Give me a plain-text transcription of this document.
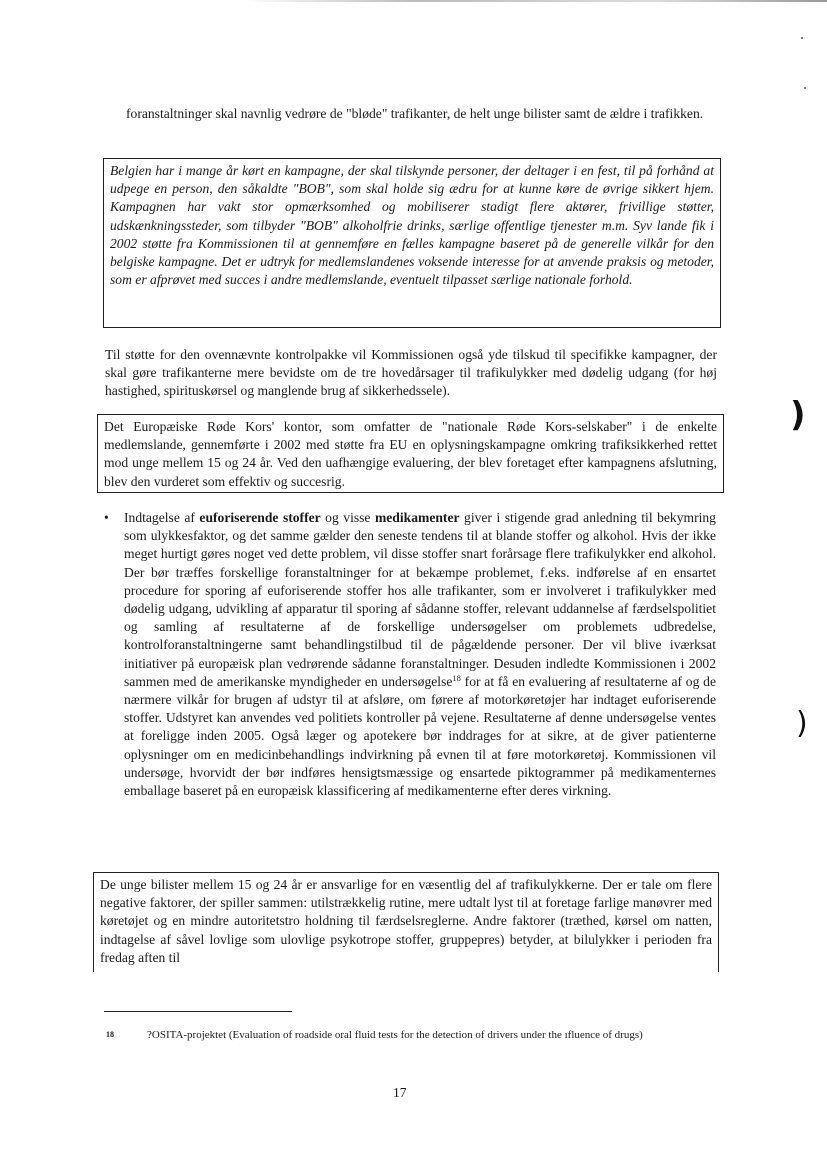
foranstaltninger skal navnlig vedrøre de "bløde" trafikanter, de helt unge bilister samt de ældre i trafikken.

Belgien har i mange år kørt en kampagne, der skal tilskynde personer, der deltager i en fest, til på forhånd at udpege en person, den såkaldte "BOB", som skal holde sig ædru for at kunne køre de øvrige sikkert hjem. Kampagnen har vakt stor opmærksomhed og mobiliserer stadigt flere aktører, frivillige støtter, udskænkningssteder, som tilbyder "BOB" alkoholfrie drinks, særlige offentlige tjenester m.m. Syv lande fik i 2002 støtte fra Kommissionen til at gennemføre en fælles kampagne baseret på de generelle vilkår for den belgiske kampagne. Det er udtryk for medlemslandenes voksende interesse for at anvende praksis og metoder, som er afprøvet med succes i andre medlemslande, eventuelt tilpasset særlige nationale forhold.

Til støtte for den ovennævnte kontrolpakke vil Kommissionen også yde tilskud til specifikke kampagner, der skal gøre trafikanterne mere bevidste om de tre hovedårsager til trafikulykker med dødelig udgang (for høj hastighed, spirituskørsel og manglende brug af sikkerhedsselе).

Det Europæiske Røde Kors' kontor, som omfatter de "nationale Røde Kors-selskaber" i de enkelte medlemslande, gennemførte i 2002 med støtte fra EU en oplysningskampagne omkring trafiksikkerhed rettet mod unge mellem 15 og 24 år. Ved den uafhængige evaluering, der blev foretaget efter kampagnens afslutning, blev den vurderet som effektiv og succesrig.
•	Indtagelse af euforiserende stoffer og visse medikamenter giver i stigende grad anledning til bekymring som ulykkesfaktor, og det samme gælder den seneste tendens til at blande stoffer og alkohol. Hvis der ikke meget hurtigt gøres noget ved dette problem, vil disse stoffer snart forårsage flere trafikulykker end alkohol. Der bør træffes forskellige foranstaltninger for at bekæmpe problemet, f.eks. indførelse af en ensartet procedure for sporing af euforiserende stoffer hos alle trafikanter, som er involveret i trafikulykker med dødelig udgang, udvikling af apparatur til sporing af sådanne stoffer, relevant uddannelse af færdselspolitiet og samling af resultaterne af de forskellige undersøgelser om problemets udbredelse, kontrolforanstaltningerne samt behandlingstilbud til de pågældende personer. Der vil blive iværksat initiativer på europæisk plan vedrørende sådanne foranstaltninger. Desuden indledte Kommissionen i 2002 sammen med de amerikanske myndigheder en undersøgelse$^{18}$ for at få en evaluering af resultaterne af og de nærmere vilkår for brugen af udstyr til at afsløre, om førere af motorkøretøjer har indtaget euforiserende stoffer. Udstyret kan anvendes ved politiets kontroller på vejene. Resultaterne af denne undersøgelse ventes at foreligge inden 2005. Også læger og apotekere bør inddrages for at sikre, at de giver patienterne oplysninger om en medicinbehandlings indvirkning på evnen til at føre motorkøretøj. Kommissionen vil undersøge, hvorvidt der bør indføres hensigtsmæssige og ensartede piktogrammer på medikamenternes emballage baseret på en europæisk klassificering af medikamenterne efter deres virkning.
De unge bilister mellem 15 og 24 år er ansvarlige for en væsentlig del af trafikulykkerne. Der er tale om flere negative faktorer, der spiller sammen: utilstrækkelig rutine, mere udtalt lyst til at foretage farlige manøvrer med køretøjet og en mindre autoritetstro holdning til færdselsreglerne. Andre faktorer (træthed, kørsel om natten, indtagelse af såvel lovlige som ulovlige psykotrope stoffer, gruppepres) betyder, at bilulykker i perioden fra fredag aften til
18	?OSITA-projektet (Evaluation of roadside oral fluid tests for the detection of drivers under the ıfluence of drugs)
17
)
)
